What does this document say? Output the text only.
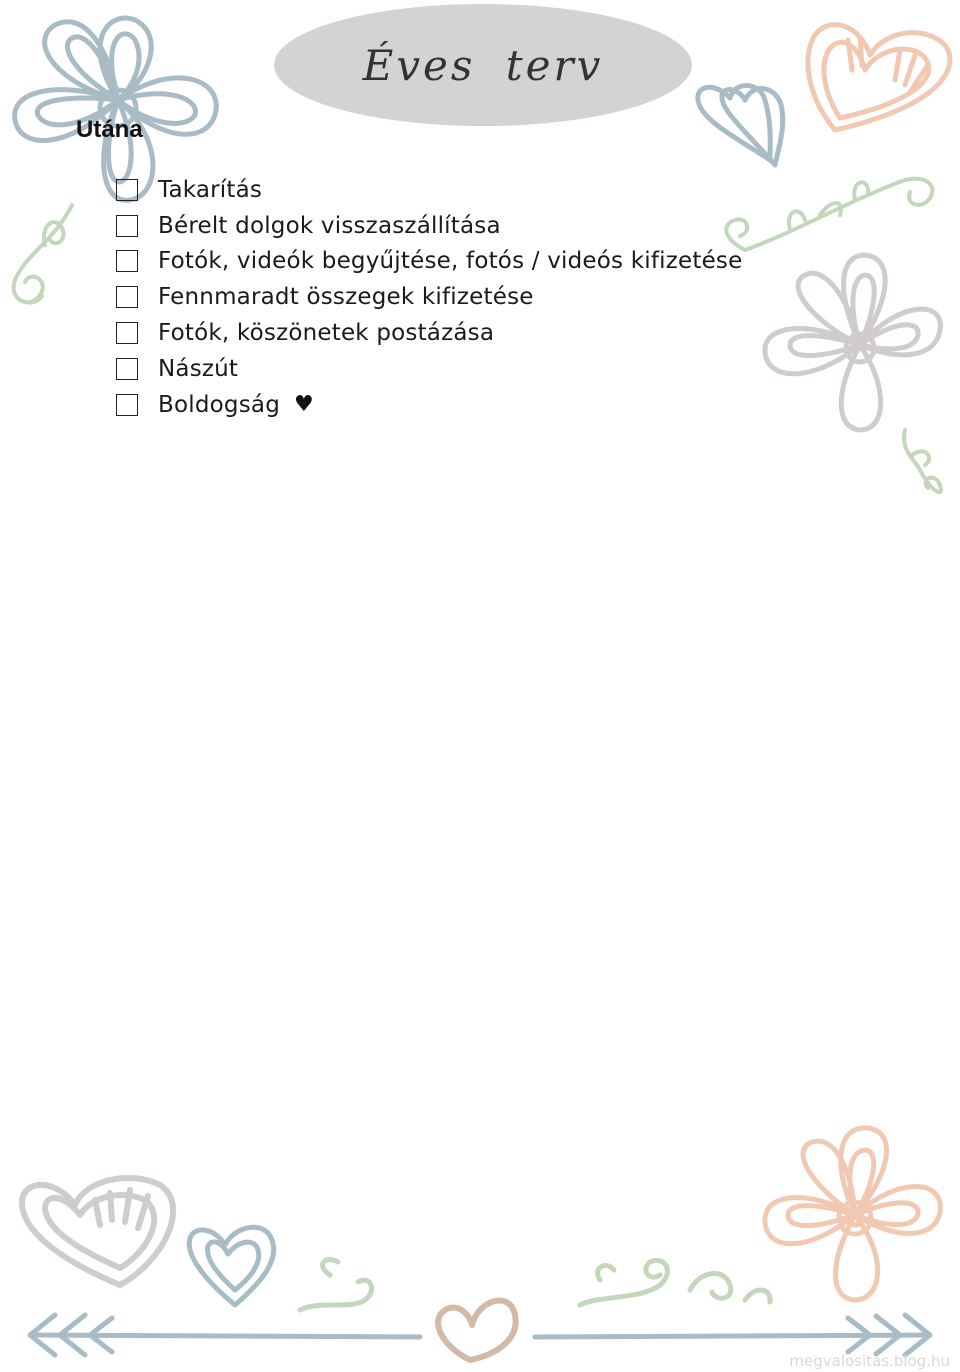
Éves terv
Utána
Takarítás
Bérelt dolgok visszaszállítása
Fotók, videók begyűjtése, fotós / videós kifizetése
Fennmaradt összegek kifizetése
Fotók, köszönetek postázása
Nászút
Boldogság ♥
megvalositas.blog.hu
